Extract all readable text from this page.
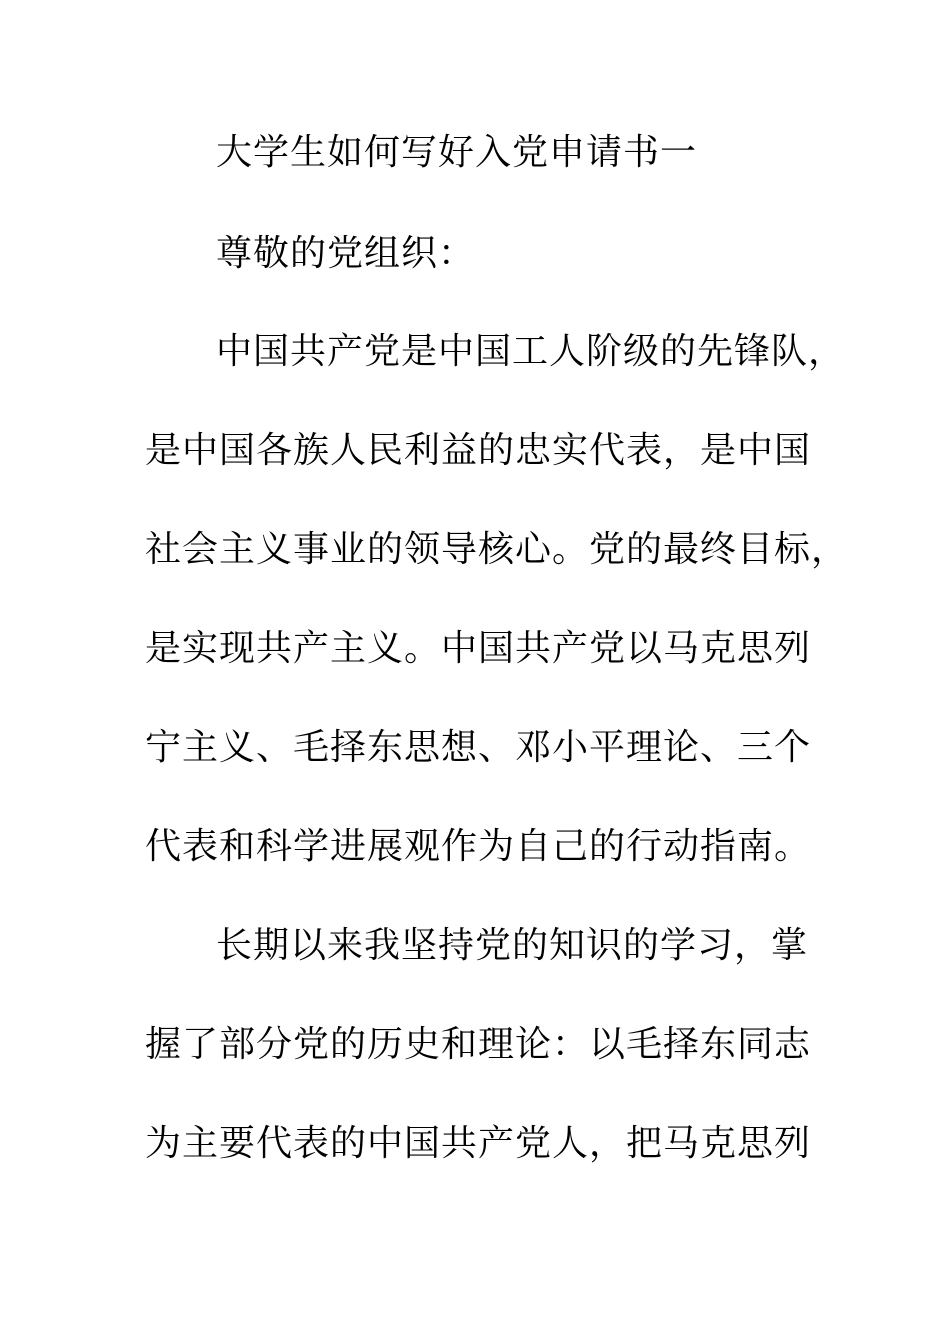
大学生如何写好入党申请书一
尊敬的党组织：
中国共产党是中国工人阶级的先锋队，
是中国各族人民利益的忠实代表，是中国
社会主义事业的领导核心。党的最终目标，
是实现共产主义。中国共产党以马克思列
宁主义、毛择东思想、邓小平理论、三个
代表和科学进展观作为自己的行动指南。
长期以来我坚持党的知识的学习，掌
握了部分党的历史和理论：以毛择东同志
为主要代表的中国共产党人，把马克思列
